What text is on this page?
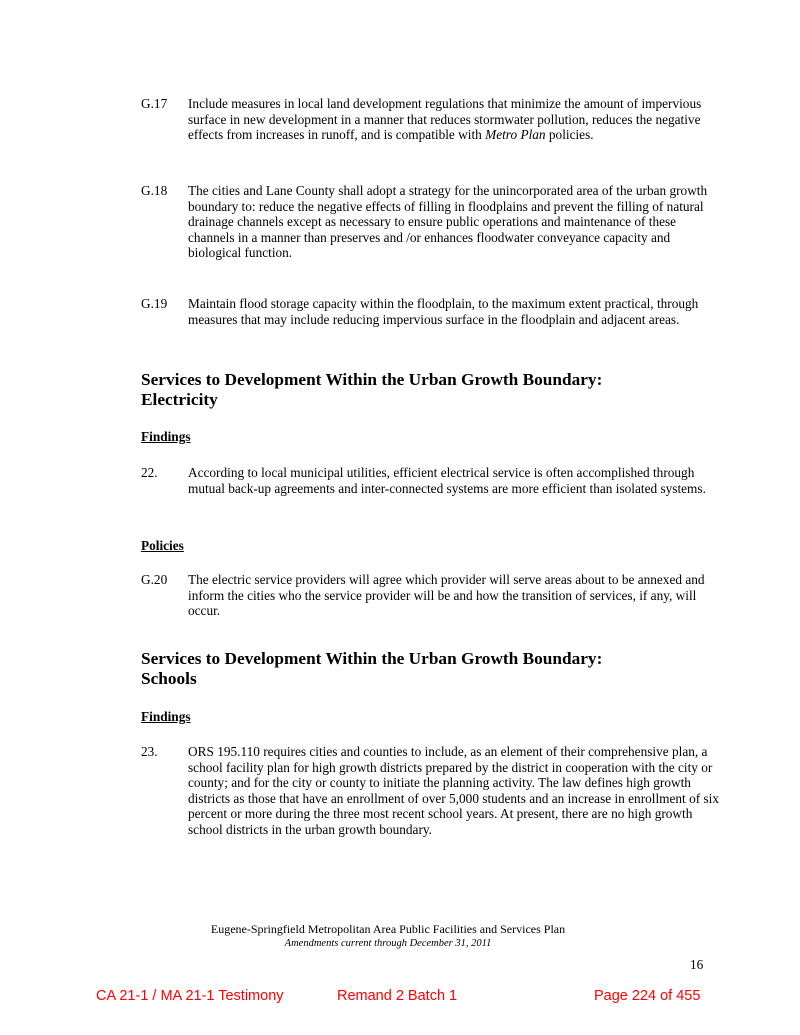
G.17 Include measures in local land development regulations that minimize the amount of impervious surface in new development in a manner that reduces stormwater pollution, reduces the negative effects from increases in runoff, and is compatible with Metro Plan policies.
G.18 The cities and Lane County shall adopt a strategy for the unincorporated area of the urban growth boundary to: reduce the negative effects of filling in floodplains and prevent the filling of natural drainage channels except as necessary to ensure public operations and maintenance of these channels in a manner than preserves and /or enhances floodwater conveyance capacity and biological function.
G.19 Maintain flood storage capacity within the floodplain, to the maximum extent practical, through measures that may include reducing impervious surface in the floodplain and adjacent areas.
Services to Development Within the Urban Growth Boundary:
Electricity
Findings
22. According to local municipal utilities, efficient electrical service is often accomplished through mutual back-up agreements and inter-connected systems are more efficient than isolated systems.
Policies
G.20 The electric service providers will agree which provider will serve areas about to be annexed and inform the cities who the service provider will be and how the transition of services, if any, will occur.
Services to Development Within the Urban Growth Boundary:
Schools
Findings
23. ORS 195.110 requires cities and counties to include, as an element of their comprehensive plan, a school facility plan for high growth districts prepared by the district in cooperation with the city or county; and for the city or county to initiate the planning activity. The law defines high growth districts as those that have an enrollment of over 5,000 students and an increase in enrollment of six percent or more during the three most recent school years. At present, there are no high growth school districts in the urban growth boundary.
Eugene-Springfield Metropolitan Area Public Facilities and Services Plan
Amendments current through December 31, 2011
16
CA 21-1 / MA 21-1 Testimony	Remand 2 Batch 1	Page 224 of 455
